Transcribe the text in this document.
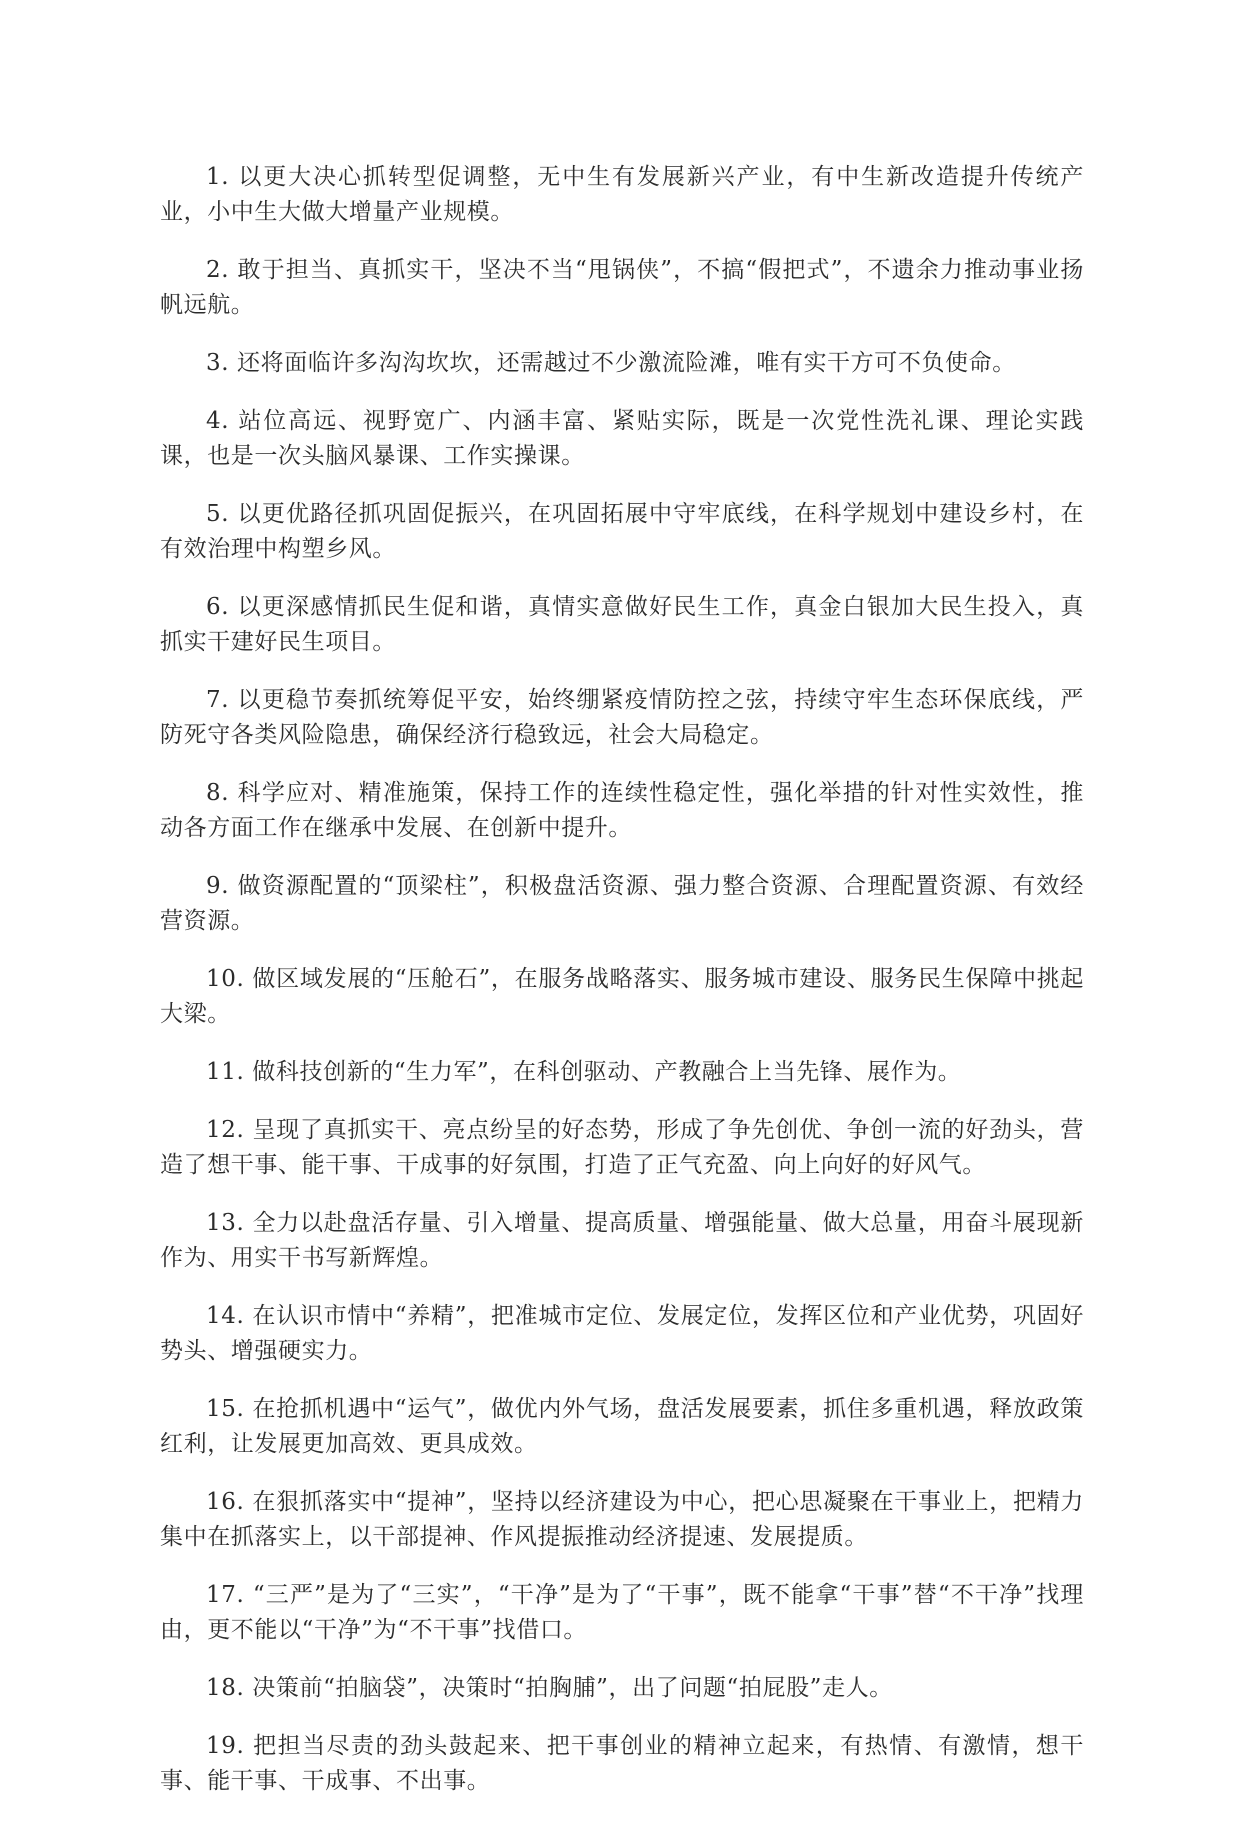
1. 以更大决心抓转型促调整，无中生有发展新兴产业，有中生新改造提升传统产业，小中生大做大增量产业规模。

2. 敢于担当、真抓实干，坚决不当“甩锅侠”，不搞“假把式”，不遗余力推动事业扬帆远航。

3. 还将面临许多沟沟坎坎，还需越过不少激流险滩，唯有实干方可不负使命。

4. 站位高远、视野宽广、内涵丰富、紧贴实际，既是一次党性洗礼课、理论实践课，也是一次头脑风暴课、工作实操课。

5. 以更优路径抓巩固促振兴，在巩固拓展中守牢底线，在科学规划中建设乡村，在有效治理中构塑乡风。

6. 以更深感情抓民生促和谐，真情实意做好民生工作，真金白银加大民生投入，真抓实干建好民生项目。

7. 以更稳节奏抓统筹促平安，始终绷紧疫情防控之弦，持续守牢生态环保底线，严防死守各类风险隐患，确保经济行稳致远，社会大局稳定。

8. 科学应对、精准施策，保持工作的连续性稳定性，强化举措的针对性实效性，推动各方面工作在继承中发展、在创新中提升。

9. 做资源配置的“顶梁柱”，积极盘活资源、强力整合资源、合理配置资源、有效经营资源。

10. 做区域发展的“压舱石”，在服务战略落实、服务城市建设、服务民生保障中挑起大梁。

11. 做科技创新的“生力军”，在科创驱动、产教融合上当先锋、展作为。

12. 呈现了真抓实干、亮点纷呈的好态势，形成了争先创优、争创一流的好劲头，营造了想干事、能干事、干成事的好氛围，打造了正气充盈、向上向好的好风气。

13. 全力以赴盘活存量、引入增量、提高质量、增强能量、做大总量，用奋斗展现新作为、用实干书写新辉煌。

14. 在认识市情中“养精”，把准城市定位、发展定位，发挥区位和产业优势，巩固好势头、增强硬实力。

15. 在抢抓机遇中“运气”，做优内外气场，盘活发展要素，抓住多重机遇，释放政策红利，让发展更加高效、更具成效。

16. 在狠抓落实中“提神”，坚持以经济建设为中心，把心思凝聚在干事业上，把精力集中在抓落实上，以干部提神、作风提振推动经济提速、发展提质。

17. “三严”是为了“三实”，“干净”是为了“干事”，既不能拿“干事”替“不干净”找理由，更不能以“干净”为“不干事”找借口。

18. 决策前“拍脑袋”，决策时“拍胸脯”，出了问题“拍屁股”走人。

19. 把担当尽责的劲头鼓起来、把干事创业的精神立起来，有热情、有激情，想干事、能干事、干成事、不出事。
